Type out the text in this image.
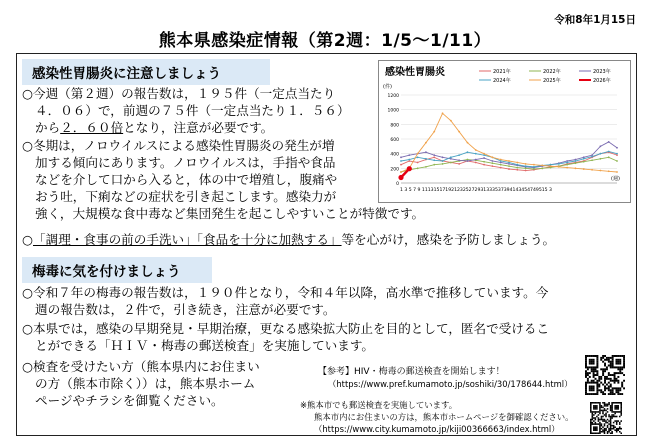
令和8年1月15日
熊本県感染症情報（第2週：1/5〜1/11）
感染性胃腸炎に注意しましょう
○今週（第２週）の報告数は，１９５件（一定点当たり
４．０６）で，前週の７５件（一定点当たり１．５６）
から２．６０倍となり，注意が必要です。
○冬期は，ノロウイルスによる感染性胃腸炎の発生が増
加する傾向にあります。ノロウイルスは，手指や食品
などを介して口から入ると，体の中で増殖し，腹痛や
おう吐，下痢などの症状を引き起こします。感染力が
強く，大規模な食中毒など集団発生を起こしやすいことが特徴です。
○「調理・食事の前の手洗い」「食品を十分に加熱する」等を心がけ，感染を予防しましょう。
感染性胃腸炎
(件)
0
200
400
600
800
1000
1200
1 3 5 7 9 1113151719212325272931333537394143454749515 3
(週)
2021年	2022年	2023年
2024年	2025年	2026年
梅毒に気を付けましょう
○令和７年の梅毒の報告数は，１９０件となり，令和４年以降，高水準で推移しています。今
週の報告数は，２件で，引き続き，注意が必要です。
○本県では，感染の早期発見・早期治療，更なる感染拡大防止を目的として，匿名で受けるこ
とができる「ＨＩＶ・梅毒の郵送検査」を実施しています。
○検査を受けたい方（熊本県内にお住まい
の方（熊本市除く））は，熊本県ホーム
ページやチラシを御覧ください。
【参考】HIV・梅毒の郵送検査を開始します！
（https://www.pref.kumamoto.jp/soshiki/30/178644.html）
※熊本市でも郵送検査を実施しています。
熊本市内にお住まいの方は，熊本市ホームページを御確認ください。
（https://www.city.kumamoto.jp/kiji00366663/index.html）
